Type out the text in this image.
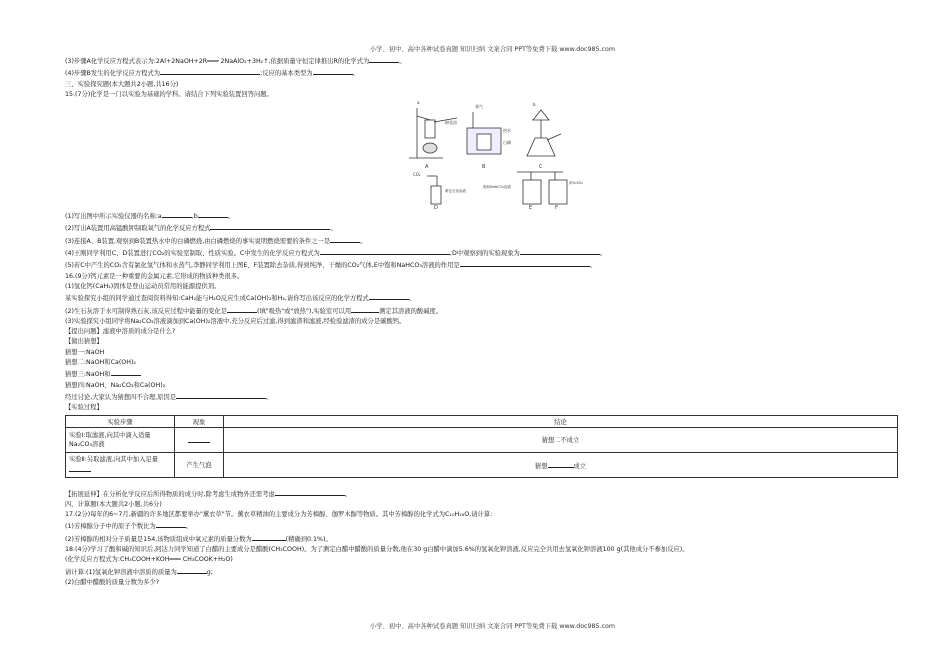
小学、初中、高中各种试卷真题 知识归纳 文案合同 PPT等免费下载 www.doc985.com
(3)步骤A化学反应方程式表示为:2Al+2NaOH+2R═══ 2NaAlO₂+3H₂↑,依据质量守恒定律推出R的化学式为	。
(4)步骤B发生的化学反应方程式为	;反应的基本类型为	。
三、实验探究题(本大题共2小题,共16分)
15.(7分)化学是一门以实验为基础的学科。请结合下列实验装置回答问题。
a
棉花团
A
氧气
热水
白磷
B
b
C
CO₂
紫色石蕊溶液
D
饱和NaHCO₃溶液
E
浓H₂SO₄
F
(1)写出图中所示实验仪器的名称:a	,b	。
(2)写出A装置用高锰酸钾制取氧气的化学反应方程式	。
(3)连接A、B装置,观察到B装置热水中的白磷燃烧,由白磷燃烧的事实说明燃烧需要的条件之一是	。
(4)王刚同学利用C、D装置进行CO₂的实验室制取、性质实验。C中发生的化学反应方程式为	;D中观察到的实验现象为	。
(5)若C中产生的CO₂含有氯化氢气体和水蒸气,李静同学利用上图E、F装置除去杂质,得到纯净、干燥的CO₂气体,E中饱和NaHCO₃溶液的作用是	。
16.(9分)钙元素是一种重要的金属元素,它形成的物质种类很多。
(1)氢化钙(CaH₂)固体是登山运动员常用的能源提供剂。
某实验探究小组的同学通过查阅资料得知:CaH₂能与H₂O反应生成Ca(OH)₂和H₂,请你写出该反应的化学方程式	。
(2)生石灰溶于水可制得熟石灰,该反应过程中能量的变化是	(填"吸热"或"放热"),实验室可以用	测定其溶液的酸碱度。
(3)实验探究小组同学将Na₂CO₃溶液滴加到Ca(OH)₂溶液中,充分反应后过滤,得到滤渣和滤液,经检验滤渣的成分是碳酸钙。
【提出问题】滤液中溶质的成分是什么?
【做出猜想】
猜想一:NaOH
猜想二:NaOH和Ca(OH)₂
猜想三:NaOH和
猜想四:NaOH、Na₂CO₃和Ca(OH)₂
经过讨论,大家认为猜想四不合理,原因是	。
【实验过程】
实验步骤	现象	结论
实验Ⅰ:取滤液,向其中滴入适量Na₂CO₃溶液		猜想二不成立
实验Ⅱ:另取滤液,向其中加入足量	产生气泡	猜想 成立
【拓展延伸】在分析化学反应后所得物质的成分时,除考虑生成物外还需考虑	。
四、计算题(本大题共2小题,共6分)
17.(2分)每年的6~7月,新疆的许多地区都要举办"薰衣草"节。薰衣草精油的主要成分为芳樟醇、伽罗木醇等物质。其中芳樟醇的化学式为C₁₀H₁₈O,请计算:
(1)芳樟醇分子中的原子个数比为	。
(2)芳樟醇的相对分子质量是154,该物质组成中氧元素的质量分数为	(精确到0.1%)。
18.(4分)学习了酸和碱的知识后,阿达力同学知道了白醋的主要成分是醋酸(CH₃COOH)。为了测定白醋中醋酸的质量分数,他在30 g白醋中滴加5.6%的氢氧化钾溶液,反应完全共用去氢氧化钾溶液100 g(其他成分不参加反应)。
(化学反应方程式为:CH₃COOH+KOH═══ CH₃COOK+H₂O)
请计算:(1)氢氧化钾溶液中溶质的质量为	g;
(2)白醋中醋酸的质量分数为多少?
小学、初中、高中各种试卷真题 知识归纳 文案合同 PPT等免费下载 www.doc985.com
